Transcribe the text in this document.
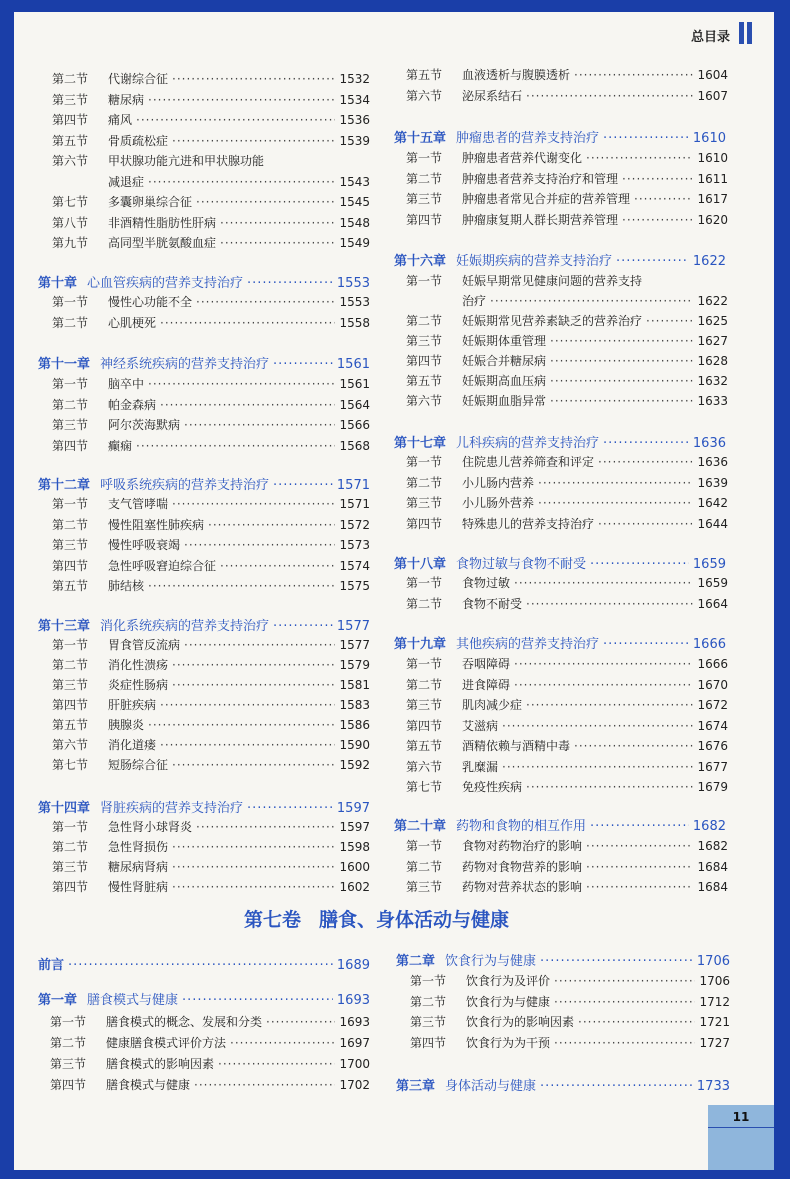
总目录
第二节	代谢综合征 ·····	1532
第三节	糖尿病 ·····	1534
第四节	痛风 ·····	1536
第五节	骨质疏松症 ·····	1539
第六节	甲状腺功能亢进和甲状腺功能
减退症 ·····	1543
第七节	多囊卵巢综合征 ·····	1545
第八节	非酒精性脂肪性肝病 ·····	1548
第九节	高同型半胱氨酸血症 ·····	1549
第十章 心血管疾病的营养支持治疗 ·····	1553
第一节	慢性心功能不全 ·····	1553
第二节	心肌梗死 ·····	1558
第十一章 神经系统疾病的营养支持治疗 ·····	1561
第一节	脑卒中 ·····	1561
第二节	帕金森病 ·····	1564
第三节	阿尔茨海默病 ·····	1566
第四节	癫痫 ·····	1568
第十二章 呼吸系统疾病的营养支持治疗 ·····	1571
第一节	支气管哮喘 ·····	1571
第二节	慢性阻塞性肺疾病 ·····	1572
第三节	慢性呼吸衰竭 ·····	1573
第四节	急性呼吸窘迫综合征 ·····	1574
第五节	肺结核 ·····	1575
第十三章 消化系统疾病的营养支持治疗 ·····	1577
第一节	胃食管反流病 ·····	1577
第二节	消化性溃疡 ·····	1579
第三节	炎症性肠病 ·····	1581
第四节	肝脏疾病 ·····	1583
第五节	胰腺炎 ·····	1586
第六节	消化道瘘 ·····	1590
第七节	短肠综合征 ·····	1592
第十四章 肾脏疾病的营养支持治疗 ·····	1597
第一节	急性肾小球肾炎 ·····	1597
第二节	急性肾损伤 ·····	1598
第三节	糖尿病肾病 ·····	1600
第四节	慢性肾脏病 ·····	1602
第五节	血液透析与腹膜透析 ·····	1604
第六节	泌尿系结石 ·····	1607
第十五章 肿瘤患者的营养支持治疗 ·····	1610
第一节	肿瘤患者营养代谢变化 ·····	1610
第二节	肿瘤患者营养支持治疗和管理 ·····	1611
第三节	肿瘤患者常见合并症的营养管理 ·····	1617
第四节	肿瘤康复期人群长期营养管理 ·····	1620
第十六章 妊娠期疾病的营养支持治疗 ·····	1622
第一节	妊娠早期常见健康问题的营养支持
治疗 ·····	1622
第二节	妊娠期常见营养素缺乏的营养治疗 ·····	1625
第三节	妊娠期体重管理 ·····	1627
第四节	妊娠合并糖尿病 ·····	1628
第五节	妊娠期高血压病 ·····	1632
第六节	妊娠期血脂异常 ·····	1633
第十七章 儿科疾病的营养支持治疗 ·····	1636
第一节	住院患儿营养筛查和评定 ·····	1636
第二节	小儿肠内营养 ·····	1639
第三节	小儿肠外营养 ·····	1642
第四节	特殊患儿的营养支持治疗 ·····	1644
第十八章 食物过敏与食物不耐受 ·····	1659
第一节	食物过敏 ·····	1659
第二节	食物不耐受 ·····	1664
第十九章 其他疾病的营养支持治疗 ·····	1666
第一节	吞咽障碍 ·····	1666
第二节	进食障碍 ·····	1670
第三节	肌肉减少症 ·····	1672
第四节	艾滋病 ·····	1674
第五节	酒精依赖与酒精中毒 ·····	1676
第六节	乳糜漏 ·····	1677
第七节	免疫性疾病 ·····	1679
第二十章 药物和食物的相互作用 ·····	1682
第一节	食物对药物治疗的影响 ·····	1682
第二节	药物对食物营养的影响 ·····	1684
第三节	药物对营养状态的影响 ·····	1684
前言 ·····	1689
第一章 膳食模式与健康 ·····	1693
第一节	膳食模式的概念、发展和分类 ·····	1693
第二节	健康膳食模式评价方法 ·····	1697
第三节	膳食模式的影响因素 ·····	1700
第四节	膳食模式与健康 ·····	1702
第二章 饮食行为与健康 ·····	1706
第一节	饮食行为及评价 ·····	1706
第二节	饮食行为与健康 ·····	1712
第三节	饮食行为的影响因素 ·····	1721
第四节	饮食行为为干预 ·····	1727
第三章 身体活动与健康 ·····	1733
第七卷 膳食、身体活动与健康
11
